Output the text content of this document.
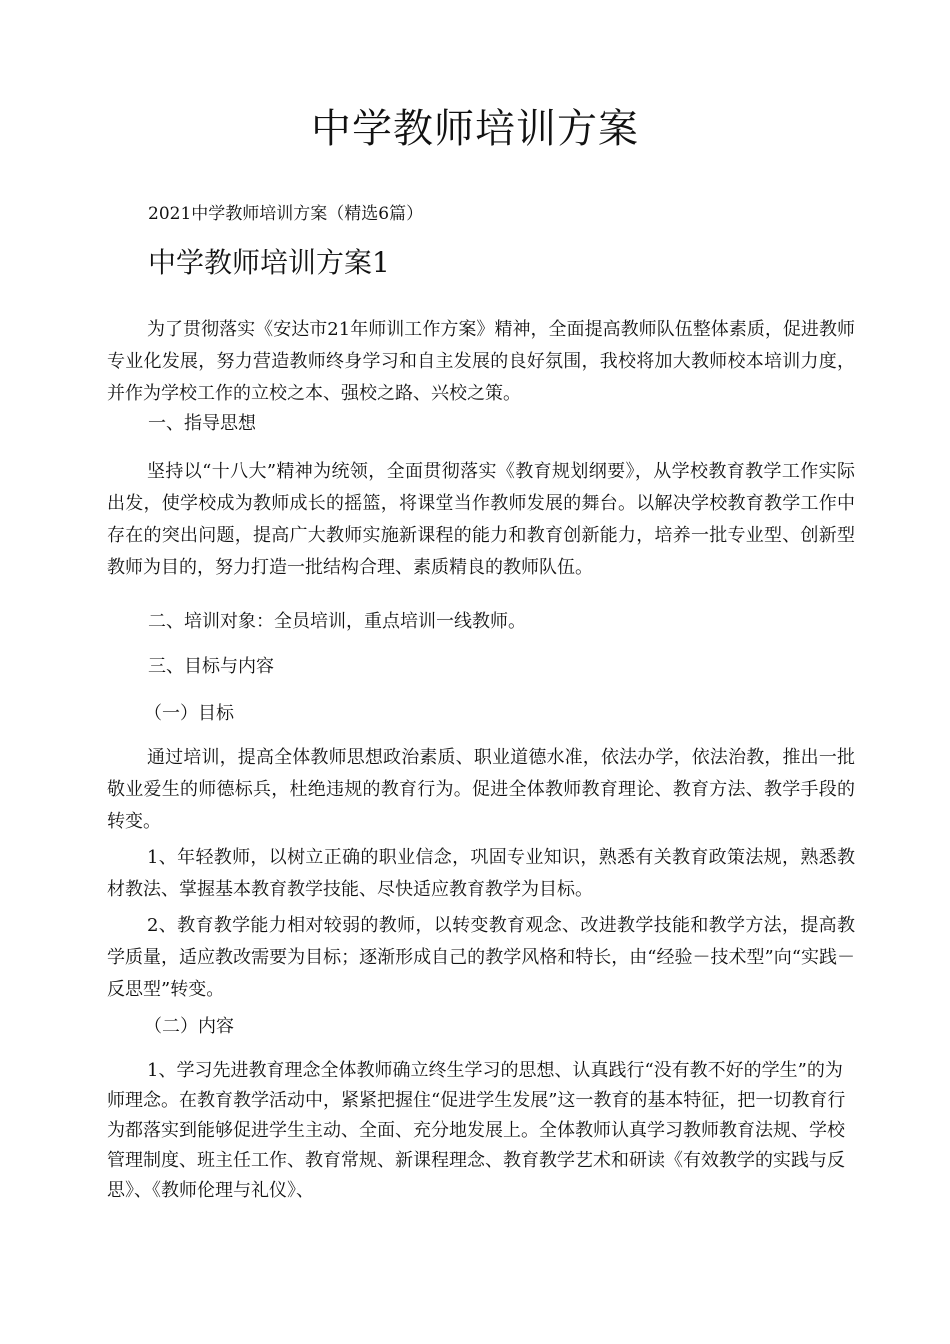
中学教师培训方案

2021中学教师培训方案（精选6篇）

中学教师培训方案1

为了贯彻落实《安达市21年师训工作方案》精神，全面提高教师队伍整体素质，促进教师专业化发展，努力营造教师终身学习和自主发展的良好氛围，我校将加大教师校本培训力度，并作为学校工作的立校之本、强校之路、兴校之策。

一、指导思想

坚持以“十八大”精神为统领，全面贯彻落实《教育规划纲要》，从学校教育教学工作实际出发，使学校成为教师成长的摇篮，将课堂当作教师发展的舞台。以解决学校教育教学工作中存在的突出问题，提高广大教师实施新课程的能力和教育创新能力，培养一批专业型、创新型教师为目的，努力打造一批结构合理、素质精良的教师队伍。

二、培训对象：全员培训，重点培训一线教师。

三、目标与内容

（一）目标

通过培训，提高全体教师思想政治素质、职业道德水准，依法办学，依法治教，推出一批敬业爱生的师德标兵，杜绝违规的教育行为。促进全体教师教育理论、教育方法、教学手段的转变。

1、年轻教师，以树立正确的职业信念，巩固专业知识，熟悉有关教育政策法规，熟悉教材教法、掌握基本教育教学技能、尽快适应教育教学为目标。

2、教育教学能力相对较弱的教师，以转变教育观念、改进教学技能和教学方法，提高教学质量，适应教改需要为目标；逐渐形成自己的教学风格和特长，由“经验－技术型”向“实践－反思型”转变。

（二）内容

1、学习先进教育理念全体教师确立终生学习的思想、认真践行“没有教不好的学生”的为师理念。在教育教学活动中，紧紧把握住“促进学生发展”这一教育的基本特征，把一切教育行为都落实到能够促进学生主动、全面、充分地发展上。全体教师认真学习教师教育法规、学校管理制度、班主任工作、教育常规、新课程理念、教育教学艺术和研读《有效教学的实践与反思》、《教师伦理与礼仪》、
